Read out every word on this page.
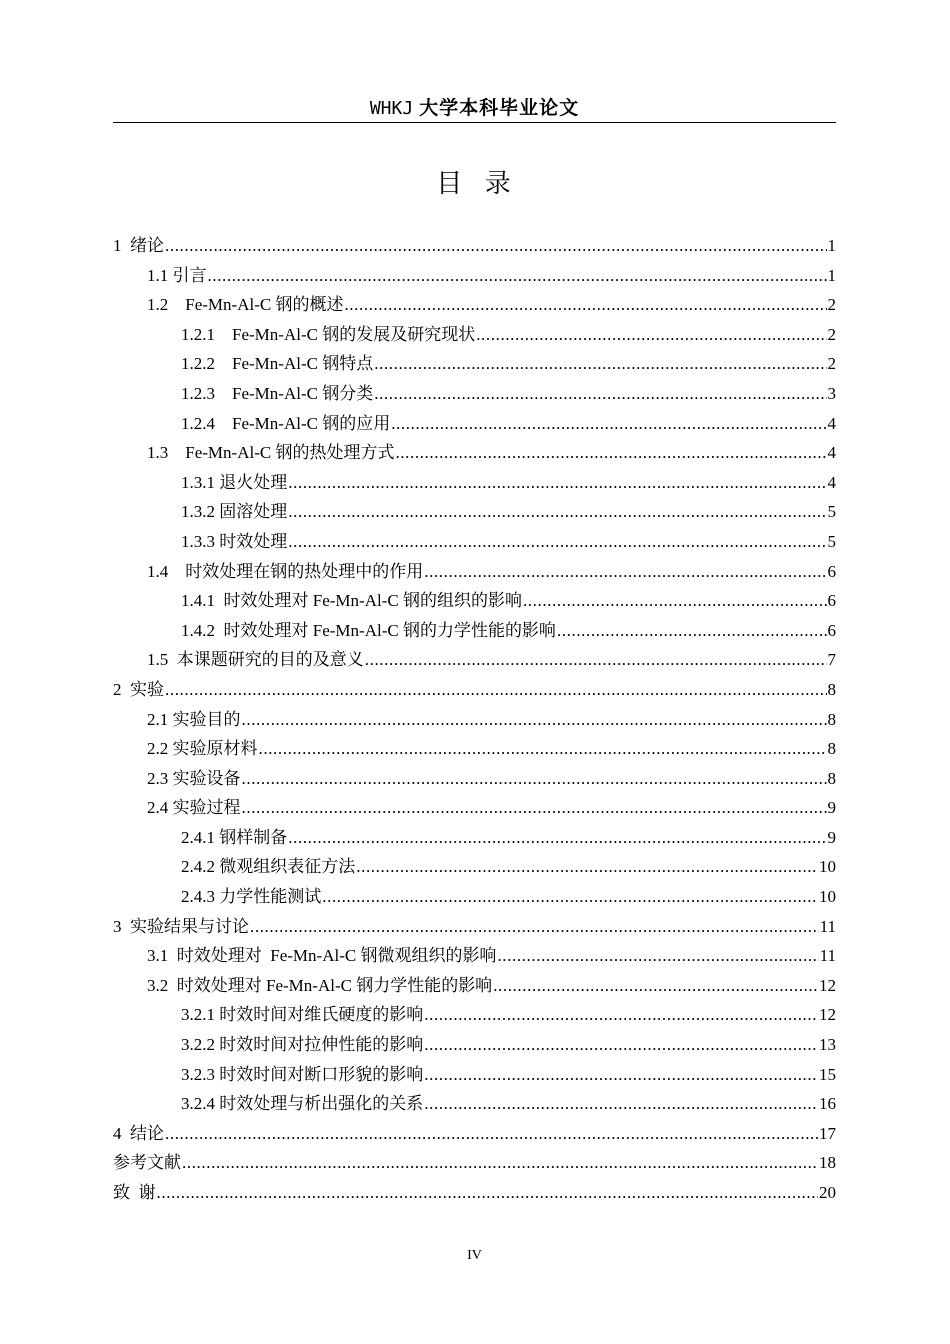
WHKJ 大学本科毕业论文
目  录
1  绪论 .....	1
1.1 引言 .....	1
1.2    Fe-Mn-Al-C 钢的概述 .....	2
1.2.1    Fe-Mn-Al-C 钢的发展及研究现状 .....	2
1.2.2    Fe-Mn-Al-C 钢特点 .....	2
1.2.3    Fe-Mn-Al-C 钢分类 .....	3
1.2.4    Fe-Mn-Al-C 钢的应用 .....	4
1.3    Fe-Mn-Al-C 钢的热处理方式 .....	4
1.3.1 退火处理 .....	4
1.3.2 固溶处理 .....	5
1.3.3 时效处理 .....	5
1.4    时效处理在钢的热处理中的作用 .....	6
1.4.1  时效处理对 Fe-Mn-Al-C 钢的组织的影响 .....	6
1.4.2  时效处理对 Fe-Mn-Al-C 钢的力学性能的影响 .....	6
1.5  本课题研究的目的及意义 .....	7
2  实验 .....	8
2.1 实验目的 .....	8
2.2 实验原材料 .....	8
2.3 实验设备 .....	8
2.4 实验过程 .....	9
2.4.1 钢样制备 .....	9
2.4.2 微观组织表征方法 .....	10
2.4.3 力学性能测试 .....	10
3  实验结果与讨论 .....	11
3.1  时效处理对  Fe-Mn-Al-C 钢微观组织的影响 .....	11
3.2  时效处理对 Fe-Mn-Al-C 钢力学性能的影响 .....	12
3.2.1 时效时间对维氏硬度的影响 .....	12
3.2.2 时效时间对拉伸性能的影响 .....	13
3.2.3 时效时间对断口形貌的影响 .....	15
3.2.4 时效处理与析出强化的关系 .....	16
4  结论 .....	17
参考文献 .....	18
致  谢 .....	20
IV
